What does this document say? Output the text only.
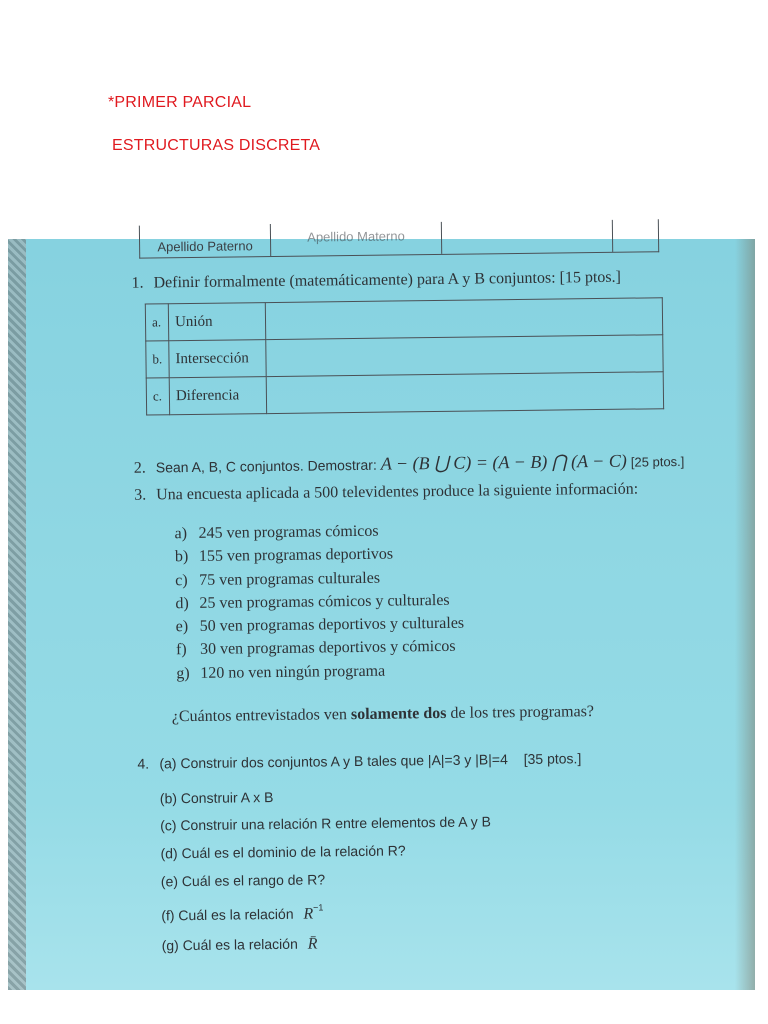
*PRIMER PARCIAL
ESTRUCTURAS DISCRETA
Apellido Paterno
Apellido Materno
1. Definir formalmente (matemáticamente) para A y B conjuntos: [15 ptos.]
a.	Unión	
b.	Intersección	
c.	Diferencia	
2. Sean A, B, C conjuntos. Demostrar: A − (B ⋃ C) = (A − B) ⋂ (A − C) [25 ptos.]
3. Una encuesta aplicada a 500 televidentes produce la siguiente información:
a) 245 ven programas cómicos
b) 155 ven programas deportivos
c) 75 ven programas culturales
d) 25 ven programas cómicos y culturales
e) 50 ven programas deportivos y culturales
f) 30 ven programas deportivos y cómicos
g) 120 no ven ningún programa
¿Cuántos entrevistados ven solamente dos de los tres programas?
4. (a) Construir dos conjuntos A y B tales que |A|=3 y |B|=4 [35 ptos.]
(b) Construir A x B
(c) Construir una relación R entre elementos de A y B
(d) Cuál es el dominio de la relación R?
(e) Cuál es el rango de R?
(f) Cuál es la relación $R^{-1}$
(g) Cuál es la relación R̄
